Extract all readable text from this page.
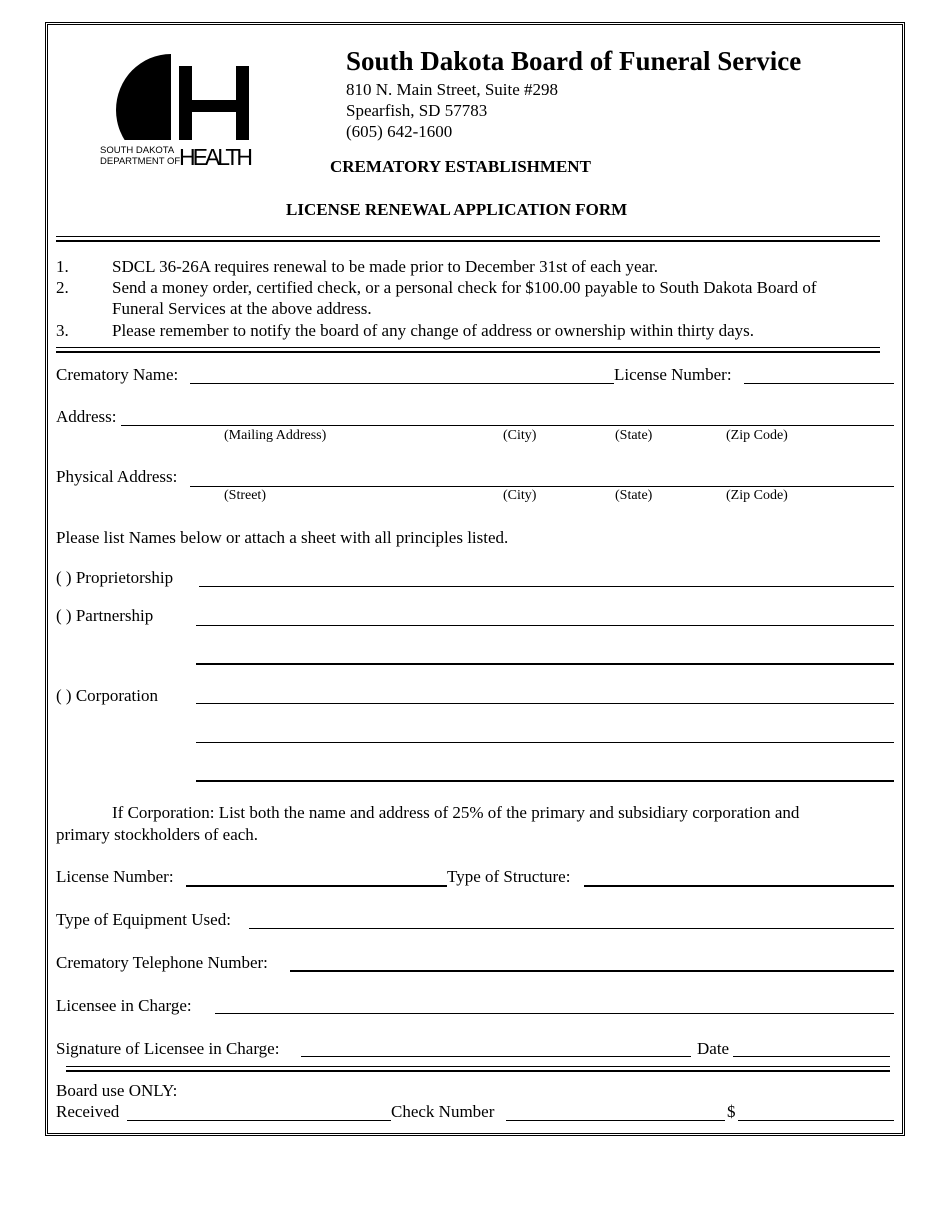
SOUTH DAKOTA
DEPARTMENT OF
HEALTH
South Dakota Board of Funeral Service
810 N. Main Street, Suite #298
Spearfish, SD 57783
(605) 642-1600
CREMATORY ESTABLISHMENT
LICENSE RENEWAL APPLICATION FORM
1.	SDCL 36-26A requires renewal to be made prior to December 31st of each year.
2.	Send a money order, certified check, or a personal check for $100.00 payable to South Dakota Board of
Funeral Services at the above address.
3.	Please remember to notify the board of any change of address or ownership within thirty days.
Crematory Name:	License Number:
Address:
(Mailing Address)	(City)	(State)	(Zip Code)
Physical Address:
(Street)	(City)	(State)	(Zip Code)
Please list Names below or attach a sheet with all principles listed.
( ) Proprietorship
( ) Partnership
( ) Corporation
If Corporation: List both the name and address of 25% of the primary and subsidiary corporation and
primary stockholders of each.
License Number:	Type of Structure:
Type of Equipment Used:
Crematory Telephone Number:
Licensee in Charge:
Signature of Licensee in Charge:	Date
Board use ONLY:
Received	Check Number	$
